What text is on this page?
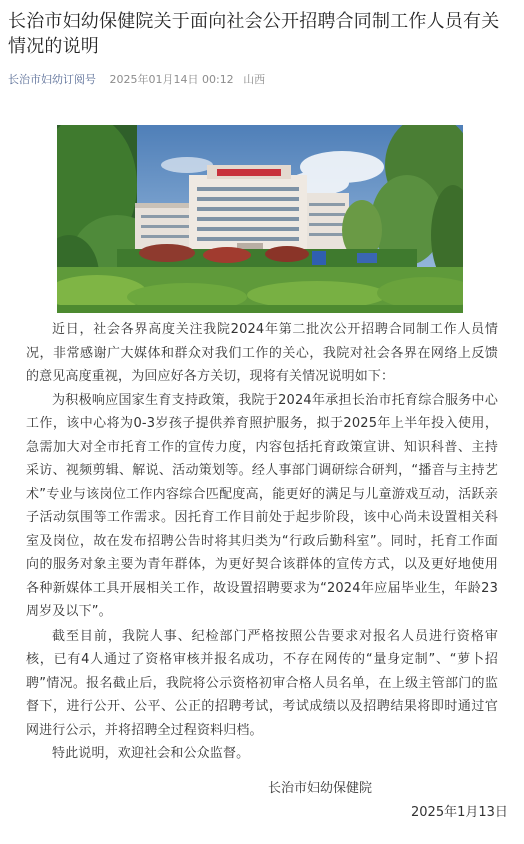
长治市妇幼保健院关于面向社会公开招聘合同制工作人员有关情况的说明
长治市妇幼订阅号 2025年01月14日 00:12 山西

近日，社会各界高度关注我院2024年第二批次公开招聘合同制工作人员情况，非常感谢广大媒体和群众对我们工作的关心，我院对社会各界在网络上反馈的意见高度重视，为回应好各方关切，现将有关情况说明如下：

为积极响应国家生育支持政策，我院于2024年承担长治市托育综合服务中心工作，该中心将为0-3岁孩子提供养育照护服务，拟于2025年上半年投入使用，急需加大对全市托育工作的宣传力度，内容包括托育政策宣讲、知识科普、主持采访、视频剪辑、解说、活动策划等。经人事部门调研综合研判，“播音与主持艺术”专业与该岗位工作内容综合匹配度高，能更好的满足与儿童游戏互动，活跃亲子活动氛围等工作需求。因托育工作目前处于起步阶段，该中心尚未设置相关科室及岗位，故在发布招聘公告时将其归类为“行政后勤科室”。同时，托育工作面向的服务对象主要为青年群体，为更好契合该群体的宣传方式，以及更好地使用各种新媒体工具开展相关工作，故设置招聘要求为“2024年应届毕业生，年龄23周岁及以下”。

截至目前，我院人事、纪检部门严格按照公告要求对报名人员进行资格审核，已有4人通过了资格审核并报名成功，不存在网传的“量身定制”、“萝卜招聘”情况。报名截止后，我院将公示资格初审合格人员名单，在上级主管部门的监督下，进行公开、公平、公正的招聘考试，考试成绩以及招聘结果将即时通过官网进行公示，并将招聘全过程资料归档。

特此说明，欢迎社会和公众监督。

长治市妇幼保健院
2025年1月13日
